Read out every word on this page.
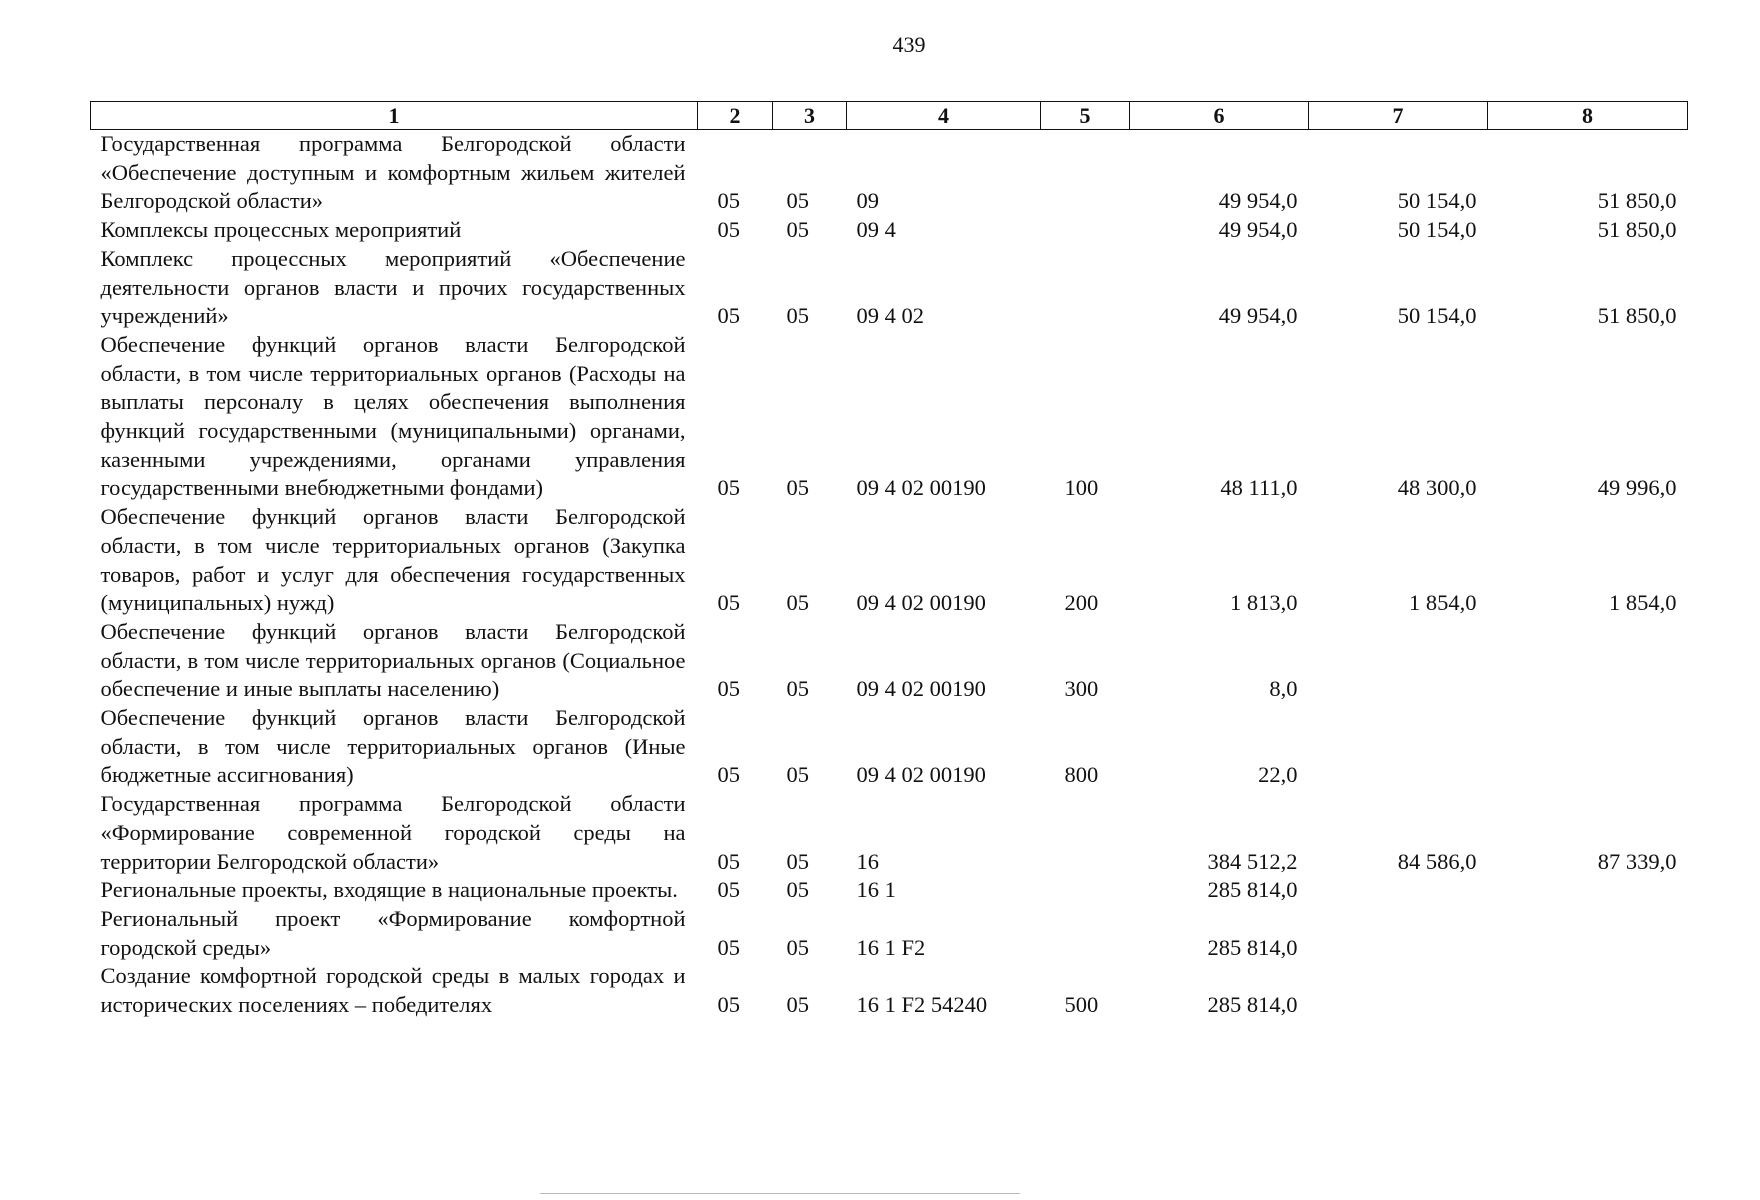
439
1	2	3	4	5	6	7	8
Государственная программа Белгородской области «Обеспечение доступным и комфортным жильем жителей Белгородской области»	05	05	09		49 954,0	50 154,0	51 850,0
Комплексы процессных мероприятий	05	05	09 4		49 954,0	50 154,0	51 850,0
Комплекс процессных мероприятий «Обеспечение деятельности органов власти и прочих государственных учреждений»	05	05	09 4 02		49 954,0	50 154,0	51 850,0
Обеспечение функций органов власти Белгородской области, в том числе территориальных органов (Расходы на выплаты персоналу в целях обеспечения выполнения функций государственными (муниципальными) органами, казенными учреждениями, органами управления государственными внебюджетными фондами)	05	05	09 4 02 00190	100	48 111,0	48 300,0	49 996,0
Обеспечение функций органов власти Белгородской области, в том числе территориальных органов (Закупка товаров, работ и услуг для обеспечения государственных (муниципальных) нужд)	05	05	09 4 02 00190	200	1 813,0	1 854,0	1 854,0
Обеспечение функций органов власти Белгородской области, в том числе территориальных органов (Социальное обеспечение и иные выплаты населению)	05	05	09 4 02 00190	300	8,0		
Обеспечение функций органов власти Белгородской области, в том числе территориальных органов (Иные бюджетные ассигнования)	05	05	09 4 02 00190	800	22,0		
Государственная программа Белгородской области «Формирование современной городской среды на территории Белгородской области»	05	05	16		384 512,2	84 586,0	87 339,0
Региональные проекты, входящие в национальные проекты.	05	05	16 1		285 814,0		
Региональный проект «Формирование комфортной городской среды»	05	05	16 1 F2		285 814,0		
Создание комфортной городской среды в малых городах и исторических поселениях – победителях	05	05	16 1 F2 54240	500	285 814,0		
